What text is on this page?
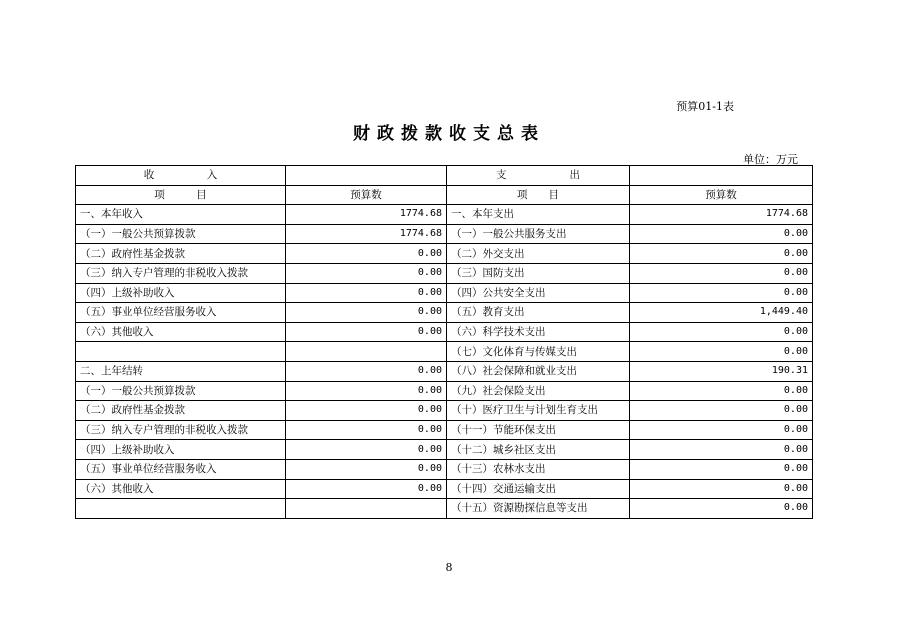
预算01-1表
财政拨款收支总表
单位：万元
收　　　　　入		支　　　　　　出	
项　　　目	预算数	项　　目	预算数
一、本年收入	1774.68	一、本年支出	1774.68
（一）一般公共预算拨款	1774.68	（一）一般公共服务支出	0.00
（二）政府性基金拨款	0.00	（二）外交支出	0.00
（三）纳入专户管理的非税收入拨款	0.00	（三）国防支出	0.00
（四）上级补助收入	0.00	（四）公共安全支出	0.00
（五）事业单位经营服务收入	0.00	（五）教育支出	1,449.40
（六）其他收入	0.00	（六）科学技术支出	0.00
		（七）文化体育与传媒支出	0.00
二、上年结转	0.00	（八）社会保障和就业支出	190.31
（一）一般公共预算拨款	0.00	（九）社会保险支出	0.00
（二）政府性基金拨款	0.00	（十）医疗卫生与计划生育支出	0.00
（三）纳入专户管理的非税收入拨款	0.00	（十一）节能环保支出	0.00
（四）上级补助收入	0.00	（十二）城乡社区支出	0.00
（五）事业单位经营服务收入	0.00	（十三）农林水支出	0.00
（六）其他收入	0.00	（十四）交通运输支出	0.00
		（十五）资源勘探信息等支出	0.00
8
